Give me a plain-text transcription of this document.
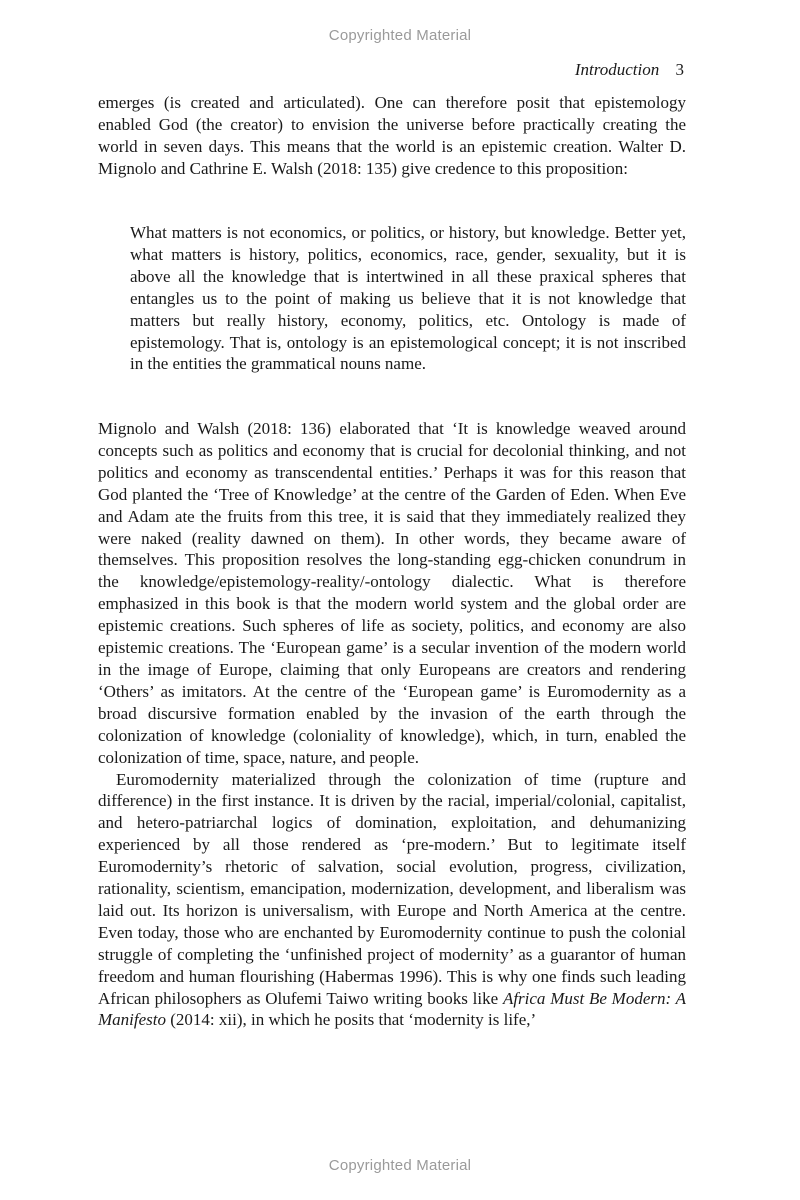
Copyrighted Material
Introduction 3

emerges (is created and articulated). One can therefore posit that epistemology enabled God (the creator) to envision the universe before practically creating the world in seven days. This means that the world is an epistemic creation. Walter D. Mignolo and Cathrine E. Walsh (2018: 135) give credence to this proposition:

What matters is not economics, or politics, or history, but knowledge. Better yet, what matters is history, politics, economics, race, gender, sexuality, but it is above all the knowledge that is intertwined in all these praxical spheres that entangles us to the point of making us believe that it is not knowledge that matters but really history, economy, politics, etc. Ontology is made of epistemology. That is, ontology is an epistemological concept; it is not inscribed in the entities the grammatical nouns name.

Mignolo and Walsh (2018: 136) elaborated that ‘It is knowledge weaved around concepts such as politics and economy that is crucial for decolonial thinking, and not politics and economy as transcendental entities.’ Perhaps it was for this reason that God planted the ‘Tree of Knowledge’ at the centre of the Garden of Eden. When Eve and Adam ate the fruits from this tree, it is said that they immediately realized they were naked (reality dawned on them). In other words, they became aware of themselves. This proposition resolves the long-standing egg-chicken conundrum in the knowledge/epistemology-reality/-ontology dialectic. What is therefore emphasized in this book is that the modern world system and the global order are epistemic creations. Such spheres of life as society, politics, and economy are also epistemic creations. The ‘European game’ is a secular invention of the modern world in the image of Europe, claiming that only Europeans are creators and rendering ‘Others’ as imitators. At the centre of the ‘European game’ is Euromodernity as a broad discursive formation enabled by the invasion of the earth through the colonization of knowledge (coloniality of knowledge), which, in turn, enabled the colonization of time, space, nature, and people.

Euromodernity materialized through the colonization of time (rupture and difference) in the first instance. It is driven by the racial, imperial/colonial, capitalist, and hetero-patriarchal logics of domination, exploitation, and dehumanizing experienced by all those rendered as ‘pre-modern.’ But to legitimate itself Euromodernity’s rhetoric of salvation, social evolution, progress, civilization, rationality, scientism, emancipation, modernization, development, and liberalism was laid out. Its horizon is universalism, with Europe and North America at the centre. Even today, those who are enchanted by Euromodernity continue to push the colonial struggle of completing the ‘unfinished project of modernity’ as a guarantor of human freedom and human flourishing (Habermas 1996). This is why one finds such leading African philosophers as Olufemi Taiwo writing books like Africa Must Be Modern: A Manifesto (2014: xii), in which he posits that ‘modernity is life,’

Copyrighted Material
